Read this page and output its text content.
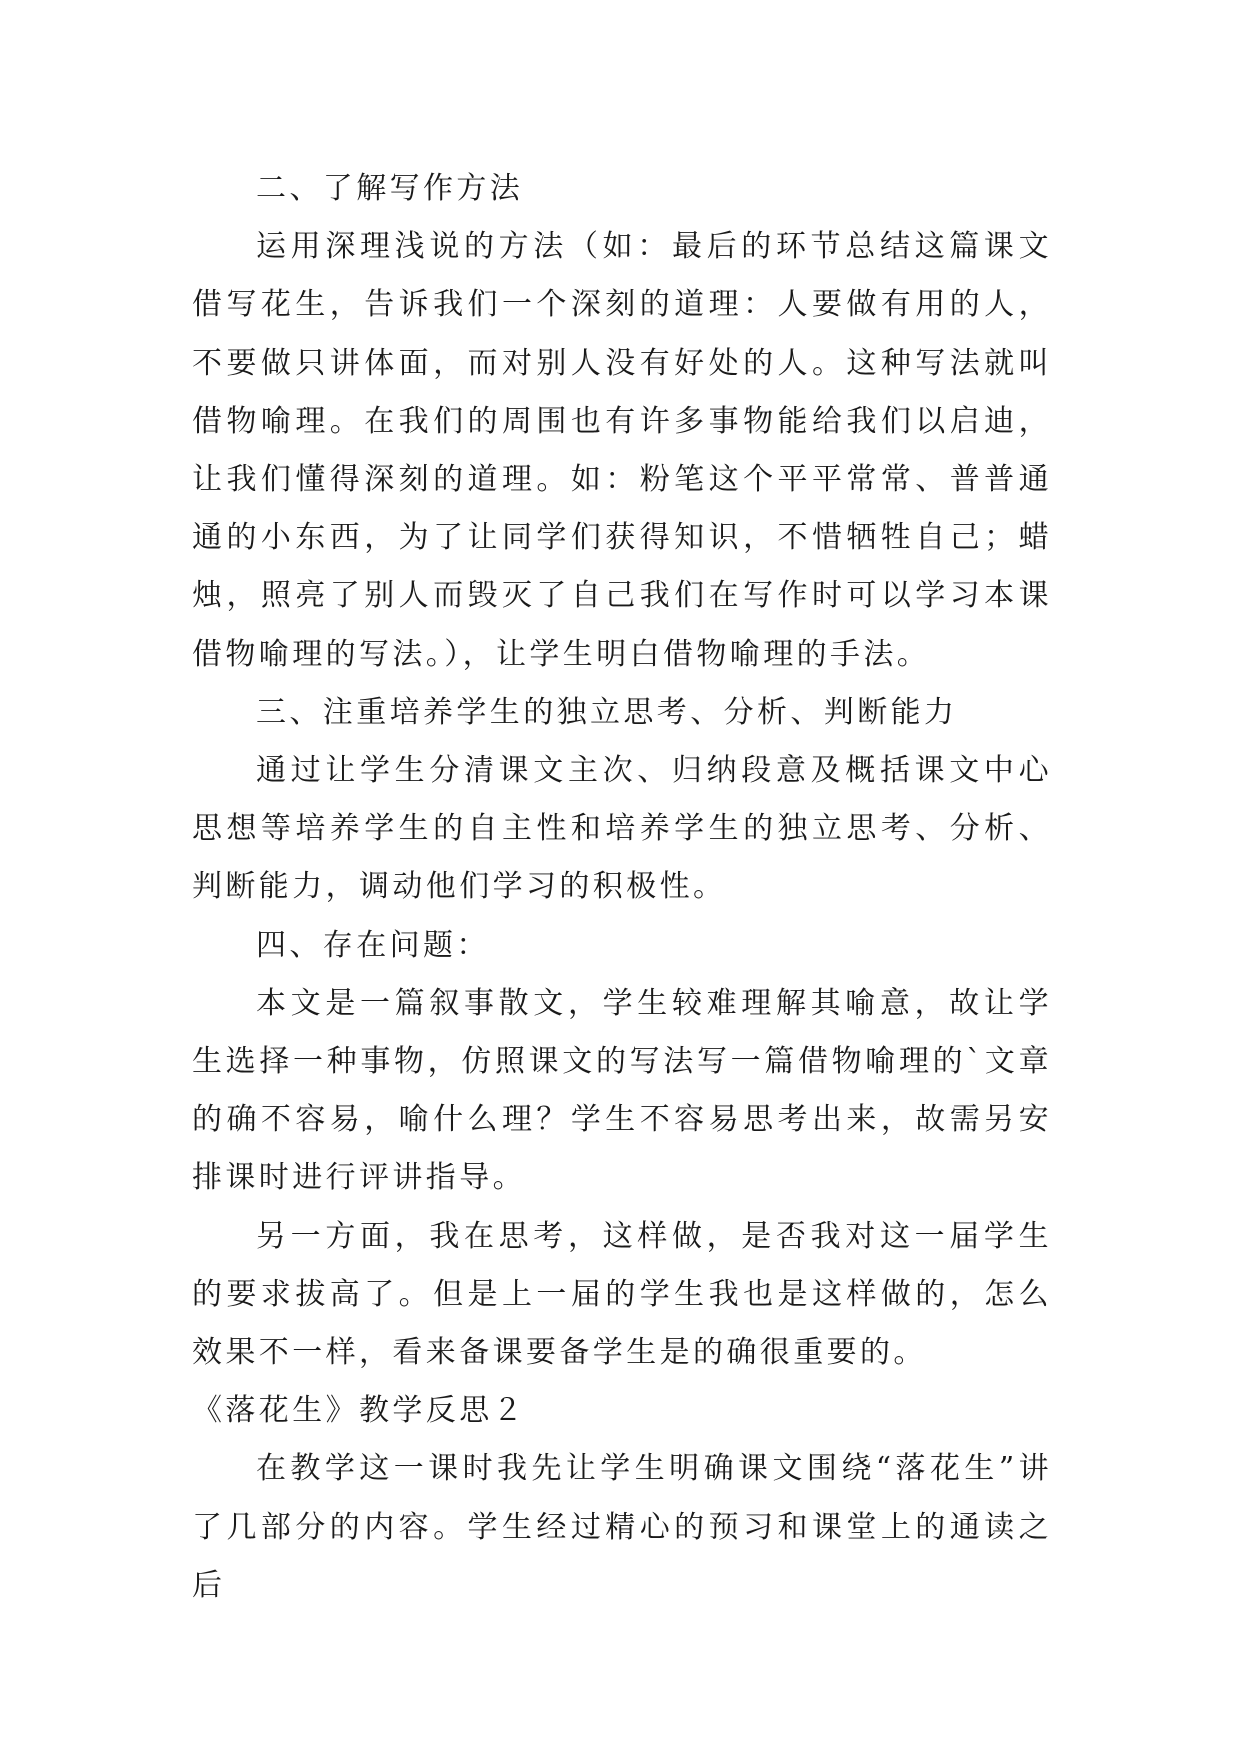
二、了解写作方法

运用深理浅说的方法（如：最后的环节总结这篇课文借写花生，告诉我们一个深刻的道理：人要做有用的人，不要做只讲体面，而对别人没有好处的人。这种写法就叫借物喻理。在我们的周围也有许多事物能给我们以启迪，让我们懂得深刻的道理。如：粉笔这个平平常常、普普通通的小东西，为了让同学们获得知识，不惜牺牲自己；蜡烛，照亮了别人而毁灭了自己我们在写作时可以学习本课借物喻理的写法。），让学生明白借物喻理的手法。

三、注重培养学生的独立思考、分析、判断能力

通过让学生分清课文主次、归纳段意及概括课文中心思想等培养学生的自主性和培养学生的独立思考、分析、判断能力，调动他们学习的积极性。

四、存在问题：

本文是一篇叙事散文，学生较难理解其喻意，故让学生选择一种事物，仿照课文的写法写一篇借物喻理的`文章的确不容易，喻什么理？学生不容易思考出来，故需另安排课时进行评讲指导。

另一方面，我在思考，这样做，是否我对这一届学生的要求拔高了。但是上一届的学生我也是这样做的，怎么效果不一样，看来备课要备学生是的确很重要的。

《落花生》教学反思２

在教学这一课时我先让学生明确课文围绕“落花生”讲了几部分的内容。学生经过精心的预习和课堂上的通读之后
